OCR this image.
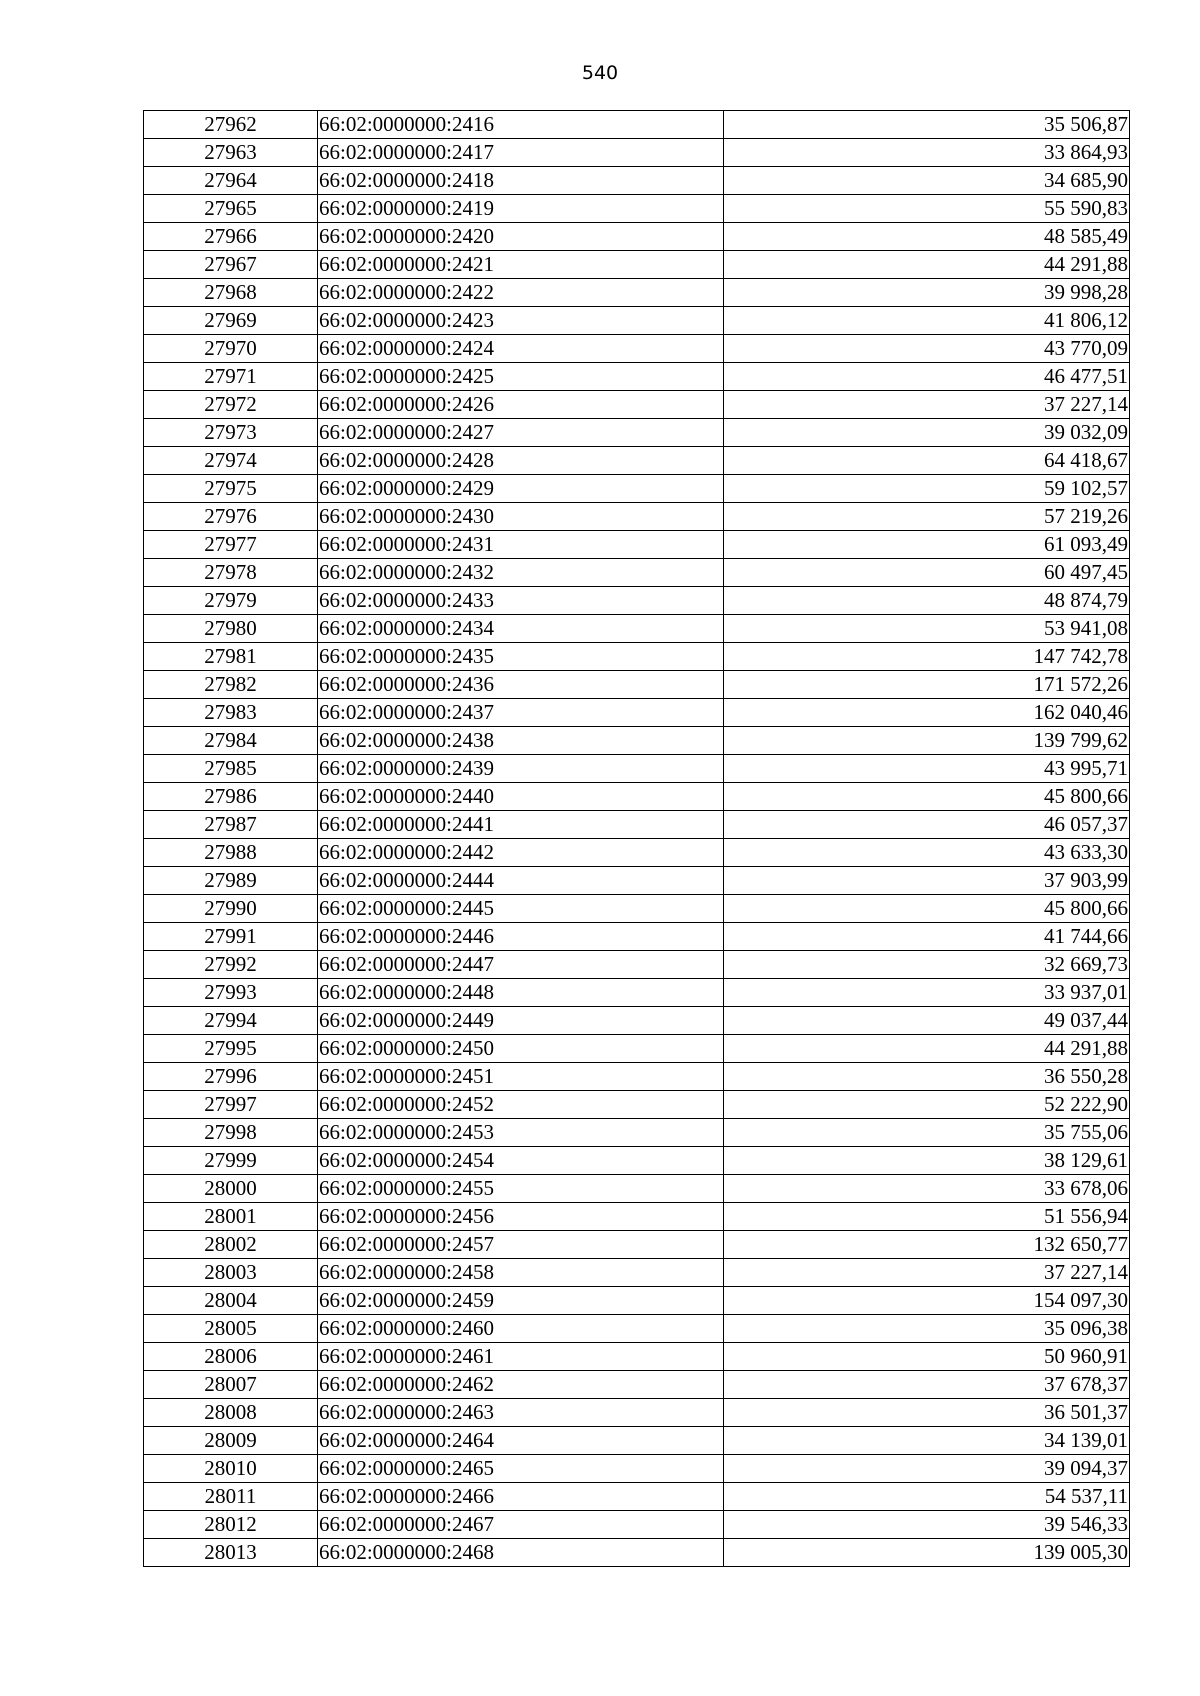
540
27962	66:02:0000000:2416	35 506,87
27963	66:02:0000000:2417	33 864,93
27964	66:02:0000000:2418	34 685,90
27965	66:02:0000000:2419	55 590,83
27966	66:02:0000000:2420	48 585,49
27967	66:02:0000000:2421	44 291,88
27968	66:02:0000000:2422	39 998,28
27969	66:02:0000000:2423	41 806,12
27970	66:02:0000000:2424	43 770,09
27971	66:02:0000000:2425	46 477,51
27972	66:02:0000000:2426	37 227,14
27973	66:02:0000000:2427	39 032,09
27974	66:02:0000000:2428	64 418,67
27975	66:02:0000000:2429	59 102,57
27976	66:02:0000000:2430	57 219,26
27977	66:02:0000000:2431	61 093,49
27978	66:02:0000000:2432	60 497,45
27979	66:02:0000000:2433	48 874,79
27980	66:02:0000000:2434	53 941,08
27981	66:02:0000000:2435	147 742,78
27982	66:02:0000000:2436	171 572,26
27983	66:02:0000000:2437	162 040,46
27984	66:02:0000000:2438	139 799,62
27985	66:02:0000000:2439	43 995,71
27986	66:02:0000000:2440	45 800,66
27987	66:02:0000000:2441	46 057,37
27988	66:02:0000000:2442	43 633,30
27989	66:02:0000000:2444	37 903,99
27990	66:02:0000000:2445	45 800,66
27991	66:02:0000000:2446	41 744,66
27992	66:02:0000000:2447	32 669,73
27993	66:02:0000000:2448	33 937,01
27994	66:02:0000000:2449	49 037,44
27995	66:02:0000000:2450	44 291,88
27996	66:02:0000000:2451	36 550,28
27997	66:02:0000000:2452	52 222,90
27998	66:02:0000000:2453	35 755,06
27999	66:02:0000000:2454	38 129,61
28000	66:02:0000000:2455	33 678,06
28001	66:02:0000000:2456	51 556,94
28002	66:02:0000000:2457	132 650,77
28003	66:02:0000000:2458	37 227,14
28004	66:02:0000000:2459	154 097,30
28005	66:02:0000000:2460	35 096,38
28006	66:02:0000000:2461	50 960,91
28007	66:02:0000000:2462	37 678,37
28008	66:02:0000000:2463	36 501,37
28009	66:02:0000000:2464	34 139,01
28010	66:02:0000000:2465	39 094,37
28011	66:02:0000000:2466	54 537,11
28012	66:02:0000000:2467	39 546,33
28013	66:02:0000000:2468	139 005,30
